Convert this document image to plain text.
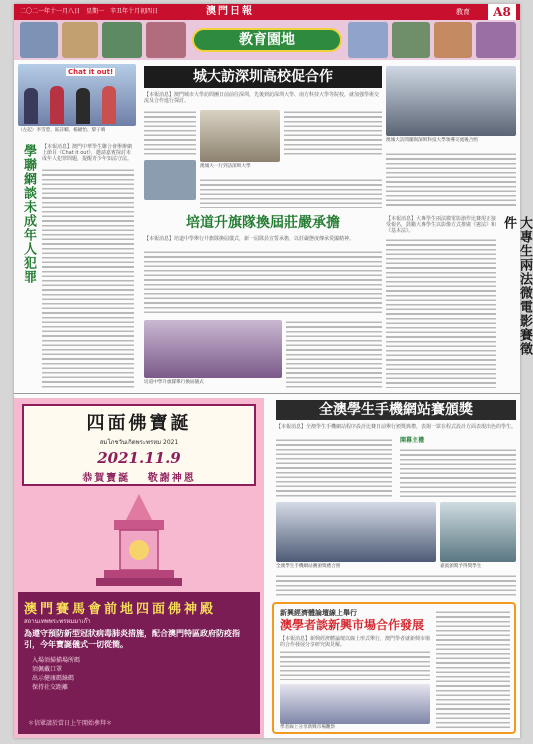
二〇二一年十一月八日　星期一　辛丑年十月初四日	澳門日報	教育	A8
教育園地
Chat it out!
（左起）李雪瑩、區詩嫻、楊穎怡、黎子晴
學聯網談未成年人犯罪 【本報消息】澳門中華學生聯合會舉辦網上節目《Chat it out》，邀請嘉賓探討未成年人犯罪問題，提醒青少年知法守法。
城大訪深圳高校促合作
【本報消息】澳門城市大學訪問團日前前往深圳，先後到訪深圳大學、南方科技大學等院校，就加強學術交流及合作進行探討。
澳城大一行到訪深圳大學
澳城大訪問團與深圳科技大學領導交流後合照
培道升旗隊換屆莊嚴承擔
【本報消息】培道中學舉行升旗隊換屆儀式，新一屆隊員宣誓承擔，以莊嚴態度傳承愛國精神。
培道中學升旗隊舉行換屆儀式
大專生兩法微電影賽徵件
【本報消息】大專學生兩法微電影創作比賽現正接受報名，鼓勵大專學生以影像方式推廣《憲法》和《基本法》。
四面佛寶誕
สมโภชวันเกิดพระพรหม 2021
2021.11.9
恭賀寶誕 敬謝神恩
澳門賽馬會前地四面佛神殿
สถานเทพพระพรหมมาเก๊า
為遵守預防新型冠狀病毒肺炎措施，配合澳門特區政府防疫指引，今年寶誕儀式一切從簡。
入場須掃描場所碼
須佩戴口罩
出示健康碼綠碼
保持社交距離
＊信眾請於當日上午開始參拜＊
全澳學生手機網站賽頒獎
【本報消息】全澳學生手機網站程序設計比賽日前舉行頒獎典禮，表揚一眾在程式設計方面表現出色的學生。
開幕主禮
全澳學生手機網站賽頒獎禮合照	嘉賓頒獎予得獎學生
新興經濟體論壇線上舉行
澳學者談新興市場合作發展
【本報消息】新興經濟體論壇以線上形式舉行，澳門學者就新興市場的合作發展分享研究與見解。
學者線上分享新興市場觀察
